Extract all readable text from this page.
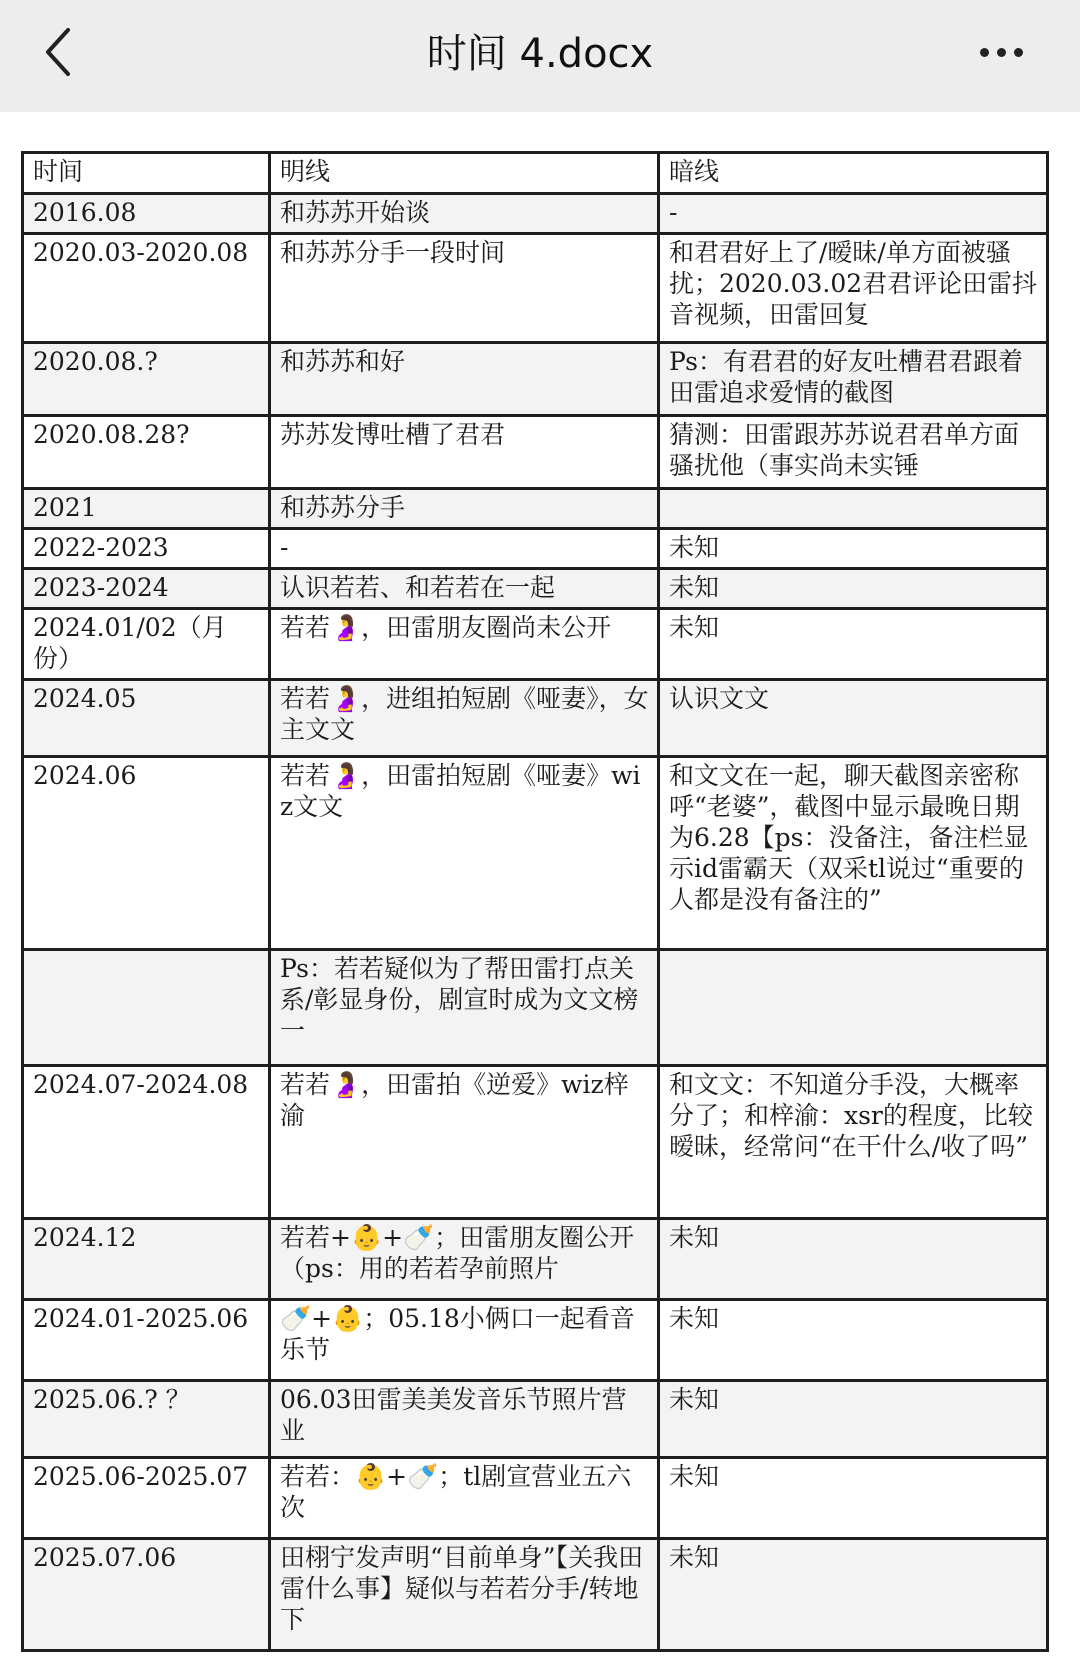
时间 4.docx
时间	明线	暗线
2016.08	和苏苏开始谈	-
2020.03-2020.08	和苏苏分手一段时间	和君君好上了/暧昧/单方面被骚扰；2020.03.02君君评论田雷抖音视频，田雷回复
2020.08.?	和苏苏和好	Ps：有君君的好友吐槽君君跟着田雷追求爱情的截图
2020.08.28?	苏苏发博吐槽了君君	猜测：田雷跟苏苏说君君单方面骚扰他（事实尚未实锤
2021	和苏苏分手	
2022-2023	-	未知
2023-2024	认识若若、和若若在一起	未知
2024.01/02（月份）	若若🤰，田雷朋友圈尚未公开	未知
2024.05	若若🤰，进组拍短剧《哑妻》，女主文文	认识文文
2024.06	若若🤰，田雷拍短剧《哑妻》wiz文文	和文文在一起，聊天截图亲密称呼“老婆”，截图中显示最晚日期为6.28【ps：没备注，备注栏显示id雷霸天（双采tl说过“重要的人都是没有备注的”
	Ps：若若疑似为了帮田雷打点关系/彰显身份，剧宣时成为文文榜一	
2024.07-2024.08	若若🤰，田雷拍《逆爱》wiz梓渝	和文文：不知道分手没，大概率分了；和梓渝：xsr的程度，比较暧昧，经常问“在干什么/收了吗”
2024.12	若若+👶+🍼；田雷朋友圈公开（ps：用的若若孕前照片	未知
2024.01-2025.06	🍼+👶；05.18小俩口一起看音乐节	未知
2025.06.? ？	06.03田雷美美发音乐节照片营业	未知
2025.06-2025.07	若若：👶+🍼；tl剧宣营业五六次	未知
2025.07.06	田栩宁发声明“目前单身”【关我田雷什么事】疑似与若若分手/转地下	未知
